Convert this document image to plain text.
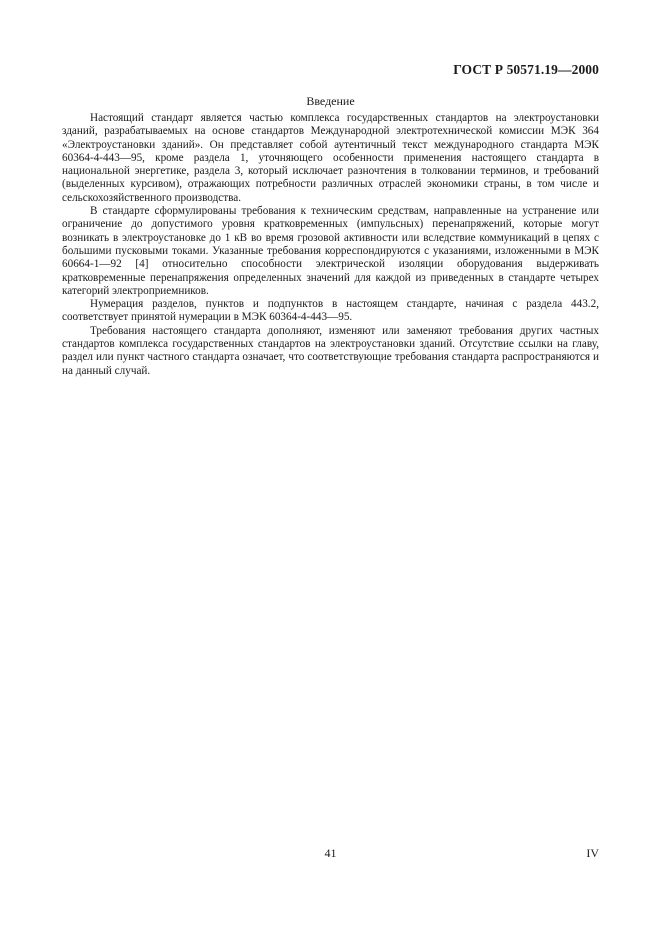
ГОСТ Р 50571.19—2000
Введение

Настоящий стандарт является частью комплекса государственных стандартов на электроустановки зданий, разрабатываемых на основе стандартов Международной электротехнической комиссии МЭК 364 «Электроустановки зданий». Он представляет собой аутентичный текст международного стандарта МЭК 60364-4-443—95, кроме раздела 1, уточняющего особенности применения настоящего стандарта в национальной энергетике, раздела 3, который исключает разночтения в толковании терминов, и требований (выделенных курсивом), отражающих потребности различных отраслей экономики страны, в том числе и сельскохозяйственного производства.

В стандарте сформулированы требования к техническим средствам, направленные на устранение или ограничение до допустимого уровня кратковременных (импульсных) перенапряжений, которые могут возникать в электроустановке до 1 кВ во время грозовой активности или вследствие коммуникаций в цепях с большими пусковыми токами. Указанные требования корреспондируются с указаниями, изложенными в МЭК 60664-1—92 [4] относительно способности электрической изоляции оборудования выдерживать кратковременные перенапряжения определенных значений для каждой из приведенных в стандарте четырех категорий электроприемников.

Нумерация разделов, пунктов и подпунктов в настоящем стандарте, начиная с раздела 443.2, соответствует принятой нумерации в МЭК 60364-4-443—95.

Требования настоящего стандарта дополняют, изменяют или заменяют требования других частных стандартов комплекса государственных стандартов на электроустановки зданий. Отсутствие ссылки на главу, раздел или пункт частного стандарта означает, что соответствующие требования стандарта распространяются и на данный случай.

41	IV
